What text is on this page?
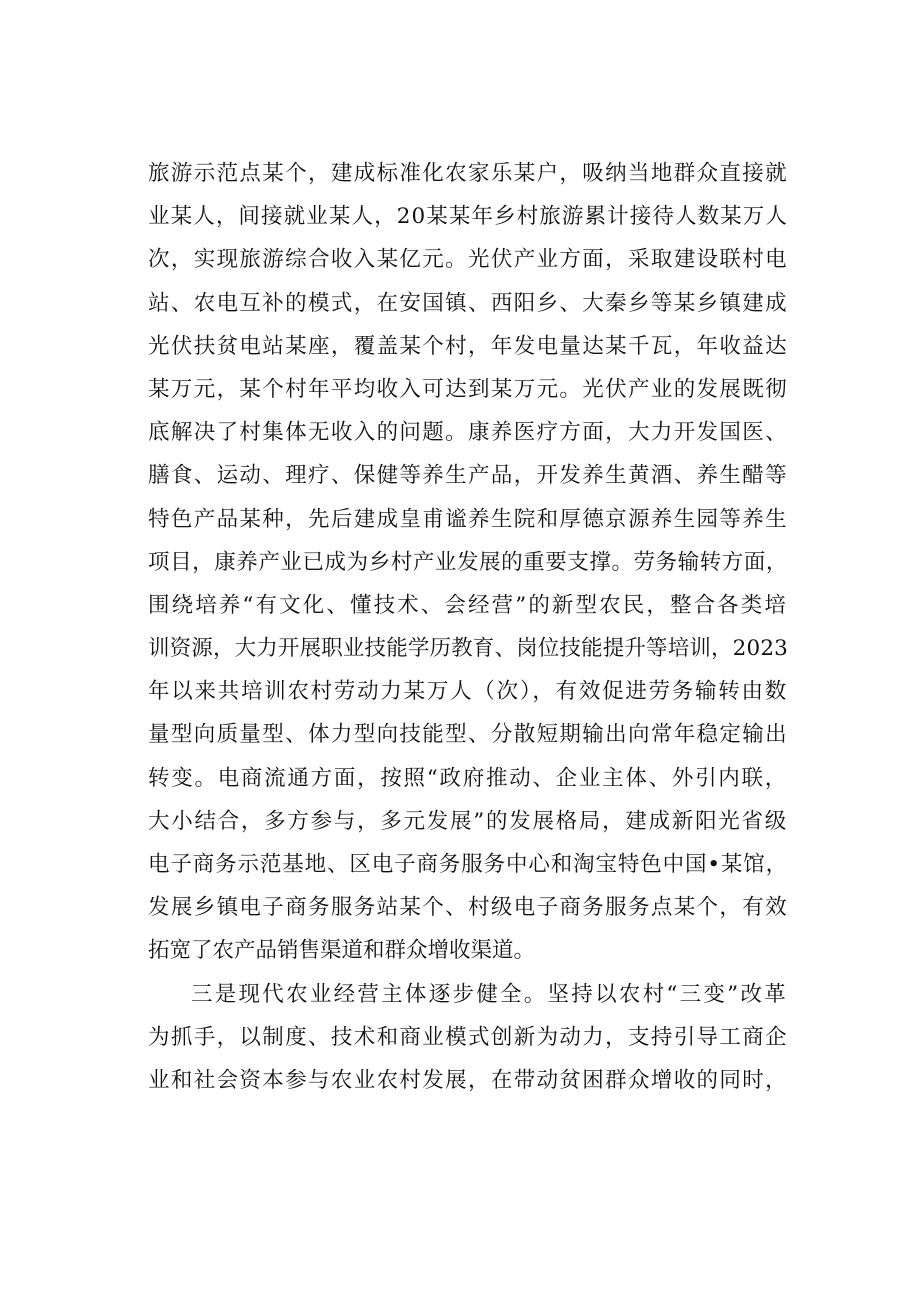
旅游示范点某个，建成标准化农家乐某户，吸纳当地群众直接就
业某人，间接就业某人，20某某年乡村旅游累计接待人数某万人
次，实现旅游综合收入某亿元。光伏产业方面，采取建设联村电
站、农电互补的模式，在安国镇、西阳乡、大秦乡等某乡镇建成
光伏扶贫电站某座，覆盖某个村，年发电量达某千瓦，年收益达
某万元，某个村年平均收入可达到某万元。光伏产业的发展既彻
底解决了村集体无收入的问题。康养医疗方面，大力开发国医、
膳食、运动、理疗、保健等养生产品，开发养生黄酒、养生醋等
特色产品某种，先后建成皇甫谧养生院和厚德京源养生园等养生
项目，康养产业已成为乡村产业发展的重要支撑。劳务输转方面，
围绕培养“有文化、懂技术、会经营”的新型农民，整合各类培
训资源，大力开展职业技能学历教育、岗位技能提升等培训，2023
年以来共培训农村劳动力某万人（次），有效促进劳务输转由数
量型向质量型、体力型向技能型、分散短期输出向常年稳定输出
转变。电商流通方面，按照“政府推动、企业主体、外引内联，
大小结合，多方参与，多元发展”的发展格局，建成新阳光省级
电子商务示范基地、区电子商务服务中心和淘宝特色中国•某馆，
发展乡镇电子商务服务站某个、村级电子商务服务点某个，有效
拓宽了农产品销售渠道和群众增收渠道。
三是现代农业经营主体逐步健全。坚持以农村“三变”改革
为抓手，以制度、技术和商业模式创新为动力，支持引导工商企
业和社会资本参与农业农村发展，在带动贫困群众增收的同时，
